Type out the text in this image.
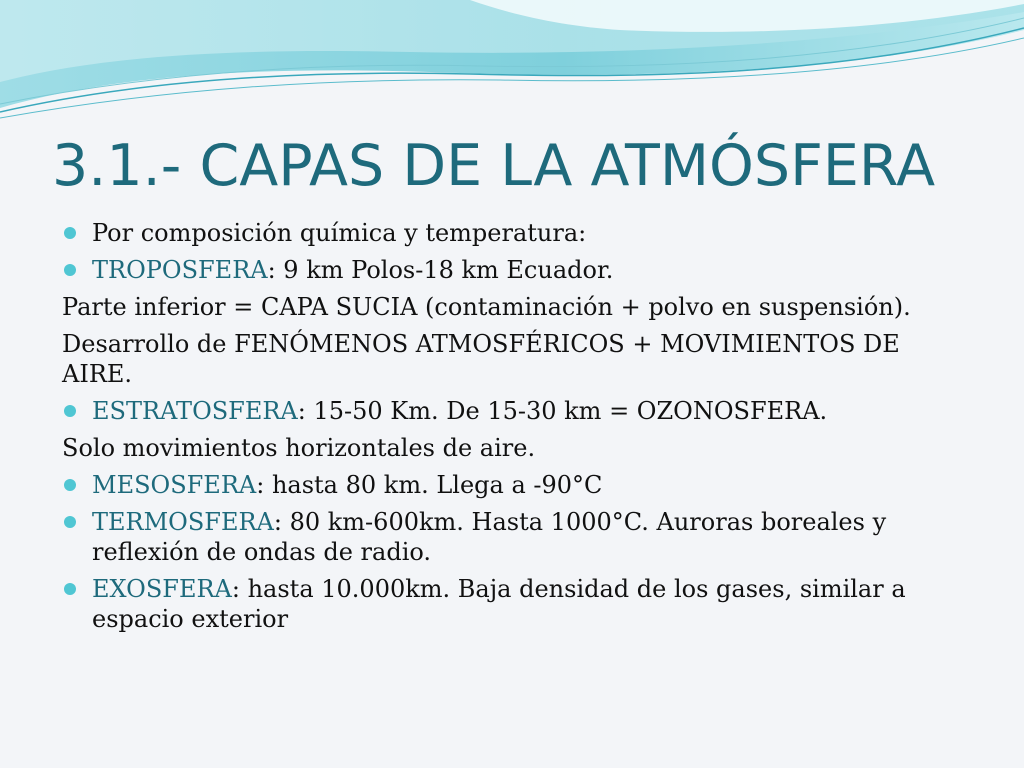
3.1.- CAPAS DE LA ATMÓSFERA
Por composición química y temperatura:
TROPOSFERA: 9 km Polos-18 km Ecuador.
Parte inferior = CAPA SUCIA (contaminación + polvo en suspensión).
Desarrollo de FENÓMENOS ATMOSFÉRICOS + MOVIMIENTOS DE AIRE.
ESTRATOSFERA: 15-50 Km. De 15-30 km = OZONOSFERA.
Solo movimientos horizontales de aire.
MESOSFERA: hasta 80 km. Llega a -90°C
TERMOSFERA: 80 km-600km. Hasta 1000°C. Auroras boreales y reflexión de ondas de radio.
EXOSFERA: hasta 10.000km. Baja densidad de los gases, similar a espacio exterior
